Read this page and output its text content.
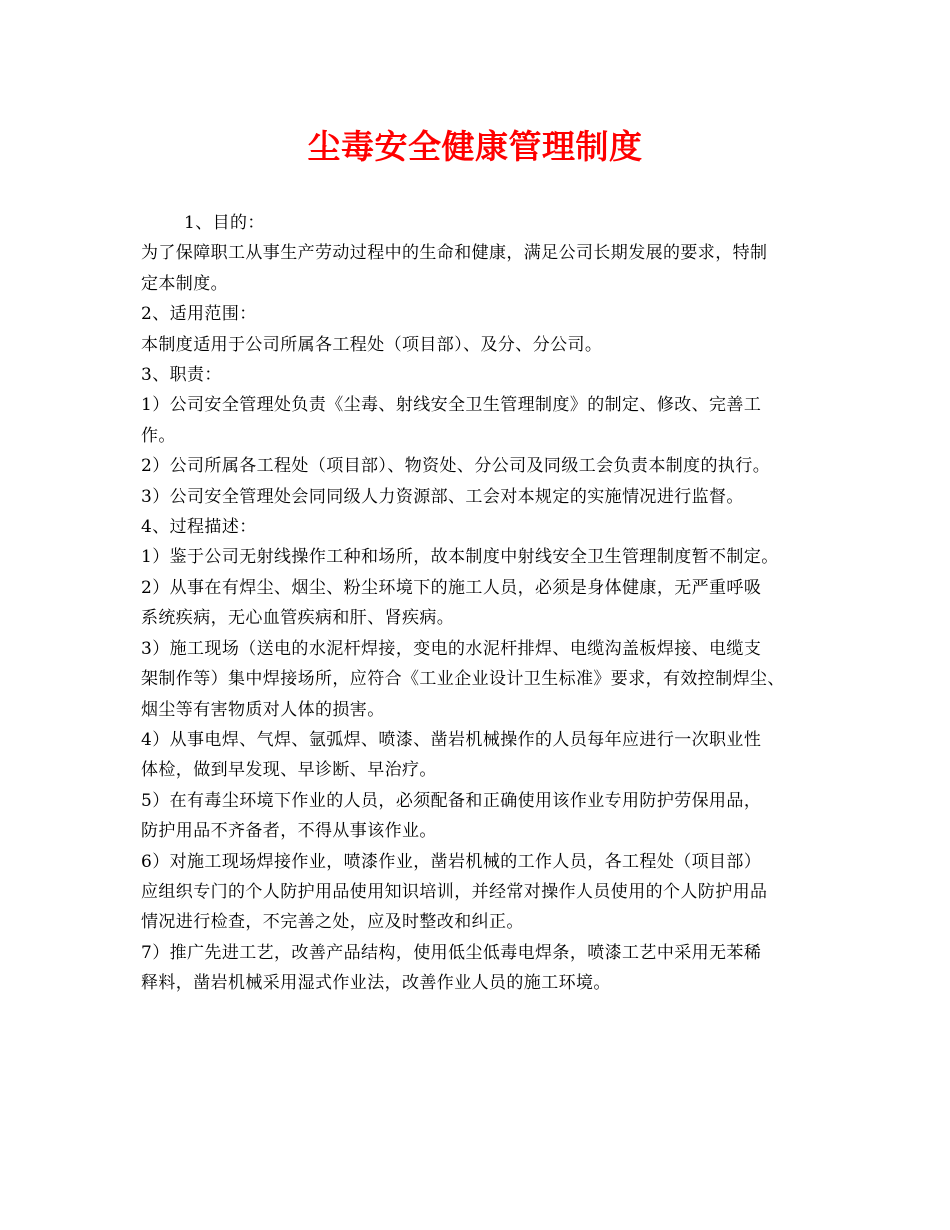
尘毒安全健康管理制度

1、目的：

为了保障职工从事生产劳动过程中的生命和健康，满足公司长期发展的要求，特制

定本制度。

2、适用范围：

本制度适用于公司所属各工程处（项目部）、及分、分公司。

3、职责：

1）公司安全管理处负责《尘毒、射线安全卫生管理制度》的制定、修改、完善工

作。

2）公司所属各工程处（项目部）、物资处、分公司及同级工会负责本制度的执行。

3）公司安全管理处会同同级人力资源部、工会对本规定的实施情况进行监督。

4、过程描述：

1）鉴于公司无射线操作工种和场所，故本制度中射线安全卫生管理制度暂不制定。

2）从事在有焊尘、烟尘、粉尘环境下的施工人员，必须是身体健康，无严重呼吸

系统疾病，无心血管疾病和肝、肾疾病。

3）施工现场（送电的水泥杆焊接，变电的水泥杆排焊、电缆沟盖板焊接、电缆支

架制作等）集中焊接场所，应符合《工业企业设计卫生标准》要求，有效控制焊尘、

烟尘等有害物质对人体的损害。

4）从事电焊、气焊、氩弧焊、喷漆、凿岩机械操作的人员每年应进行一次职业性

体检，做到早发现、早诊断、早治疗。

5）在有毒尘环境下作业的人员，必须配备和正确使用该作业专用防护劳保用品，

防护用品不齐备者，不得从事该作业。

6）对施工现场焊接作业，喷漆作业，凿岩机械的工作人员，各工程处（项目部）

应组织专门的个人防护用品使用知识培训，并经常对操作人员使用的个人防护用品

情况进行检查，不完善之处，应及时整改和纠正。

7）推广先进工艺，改善产品结构，使用低尘低毒电焊条，喷漆工艺中采用无苯稀

释料，凿岩机械采用湿式作业法，改善作业人员的施工环境。
